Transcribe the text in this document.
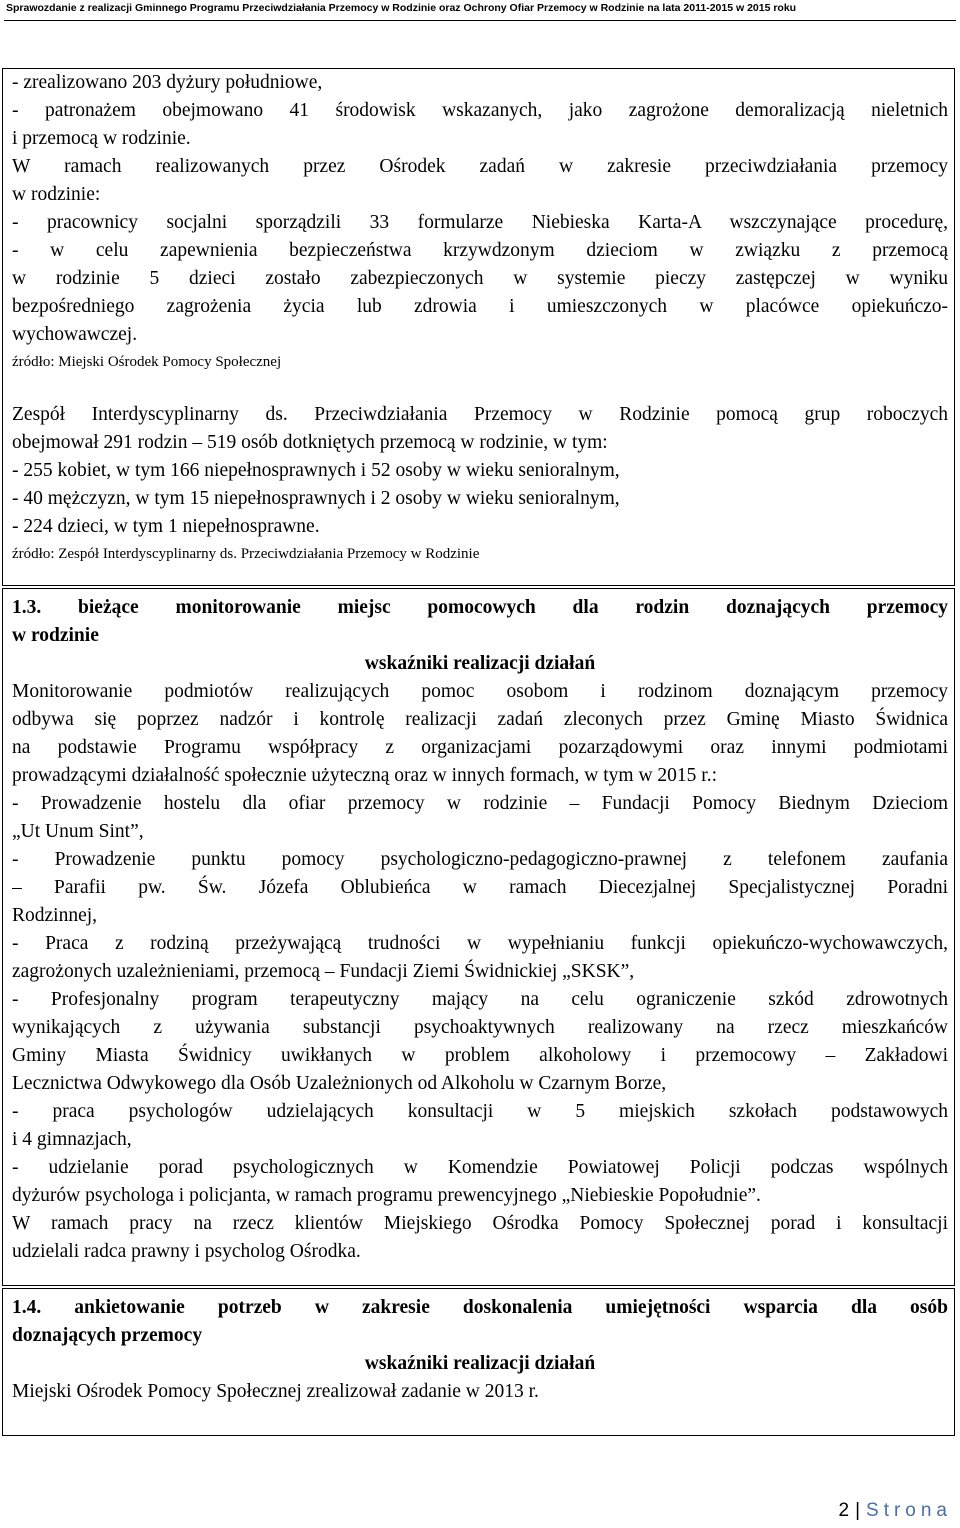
Sprawozdanie z realizacji Gminnego Programu Przeciwdziałania Przemocy w Rodzinie oraz Ochrony Ofiar Przemocy w Rodzinie na lata 2011-2015 w 2015 roku
- zrealizowano 203 dyżury południowe,
- patronażem obejmowano 41 środowisk wskazanych, jako zagrożone demoralizacją nieletnich
i przemocą w rodzinie.
W ramach realizowanych przez Ośrodek zadań w zakresie przeciwdziałania przemocy
w rodzinie:
- pracownicy socjalni sporządzili 33 formularze Niebieska Karta-A wszczynające procedurę,
- w celu zapewnienia bezpieczeństwa krzywdzonym dzieciom w związku z przemocą
w rodzinie 5 dzieci zostało zabezpieczonych w systemie pieczy zastępczej w wyniku
bezpośredniego zagrożenia życia lub zdrowia i umieszczonych w placówce opiekuńczo-
wychowawczej.
źródło: Miejski Ośrodek Pomocy Społecznej
Zespół Interdyscyplinarny ds. Przeciwdziałania Przemocy w Rodzinie pomocą grup roboczych
obejmował 291 rodzin – 519 osób dotkniętych przemocą w rodzinie, w tym:
- 255 kobiet, w tym 166 niepełnosprawnych i 52 osoby w wieku senioralnym,
- 40 mężczyzn, w tym 15 niepełnosprawnych i 2 osoby w wieku senioralnym,
- 224 dzieci, w tym 1 niepełnosprawne.
źródło: Zespół Interdyscyplinarny ds. Przeciwdziałania Przemocy w Rodzinie
1.3. bieżące monitorowanie miejsc pomocowych dla rodzin doznających przemocy
w rodzinie
wskaźniki realizacji działań
Monitorowanie podmiotów realizujących pomoc osobom i rodzinom doznającym przemocy
odbywa się poprzez nadzór i kontrolę realizacji zadań zleconych przez Gminę Miasto Świdnica
na podstawie Programu współpracy z organizacjami pozarządowymi oraz innymi podmiotami
prowadzącymi działalność społecznie użyteczną oraz w innych formach, w tym w 2015 r.:
- Prowadzenie hostelu dla ofiar przemocy w rodzinie – Fundacji Pomocy Biednym Dzieciom
„Ut Unum Sint”,
- Prowadzenie punktu pomocy psychologiczno-pedagogiczno-prawnej z telefonem zaufania
– Parafii pw. Św. Józefa Oblubieńca w ramach Diecezjalnej Specjalistycznej Poradni
Rodzinnej,
- Praca z rodziną przeżywającą trudności w wypełnianiu funkcji opiekuńczo-wychowawczych,
zagrożonych uzależnieniami, przemocą – Fundacji Ziemi Świdnickiej „SKSK”,
- Profesjonalny program terapeutyczny mający na celu ograniczenie szkód zdrowotnych
wynikających z używania substancji psychoaktywnych realizowany na rzecz mieszkańców
Gminy Miasta Świdnicy uwikłanych w problem alkoholowy i przemocowy – Zakładowi
Lecznictwa Odwykowego dla Osób Uzależnionych od Alkoholu w Czarnym Borze,
- praca psychologów udzielających konsultacji w 5 miejskich szkołach podstawowych
i 4 gimnazjach,
- udzielanie porad psychologicznych w Komendzie Powiatowej Policji podczas wspólnych
dyżurów psychologa i policjanta, w ramach programu prewencyjnego „Niebieskie Popołudnie”.
W ramach pracy na rzecz klientów Miejskiego Ośrodka Pomocy Społecznej porad i konsultacji
udzielali radca prawny i psycholog Ośrodka.
1.4. ankietowanie potrzeb w zakresie doskonalenia umiejętności wsparcia dla osób
doznających przemocy
wskaźniki realizacji działań
Miejski Ośrodek Pomocy Społecznej zrealizował zadanie w 2013 r.
2 | Strona
